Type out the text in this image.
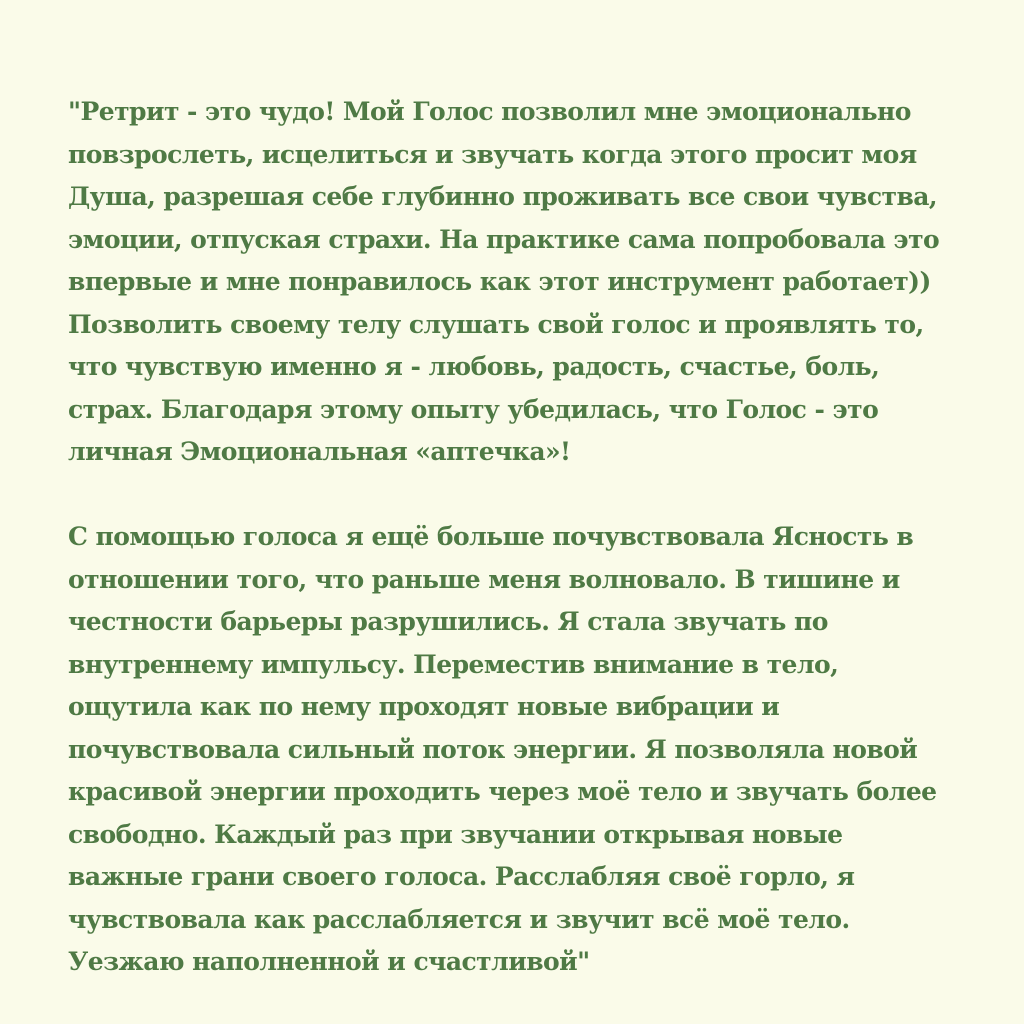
"Ретрит - это чудо! Мой Голос позволил мне эмоционально
повзрослеть, исцелиться и звучать когда этого просит моя
Душа, разрешая себе глубинно проживать все свои чувства,
эмоции, отпуская страхи. На практике сама попробовала это
впервые и мне понравилось как этот инструмент работает))
Позволить своему телу слушать свой голос и проявлять то,
что чувствую именно я - любовь, радость, счастье, боль,
страх. Благодаря этому опыту убедилась, что Голос - это
личная Эмоциональная «аптечка»!
С помощью голоса я ещё больше почувствовала Ясность в
отношении того, что раньше меня волновало. В тишине и
честности барьеры разрушились. Я стала звучать по
внутреннему импульсу. Переместив внимание в тело,
ощутила как по нему проходят новые вибрации и
почувствовала сильный поток энергии. Я позволяла новой
красивой энергии проходить через моё тело и звучать более
свободно. Каждый раз при звучании открывая новые
важные грани своего голоса. Расслабляя своё горло, я
чувствовала как расслабляется и звучит всё моё тело.
Уезжаю наполненной и счастливой"
